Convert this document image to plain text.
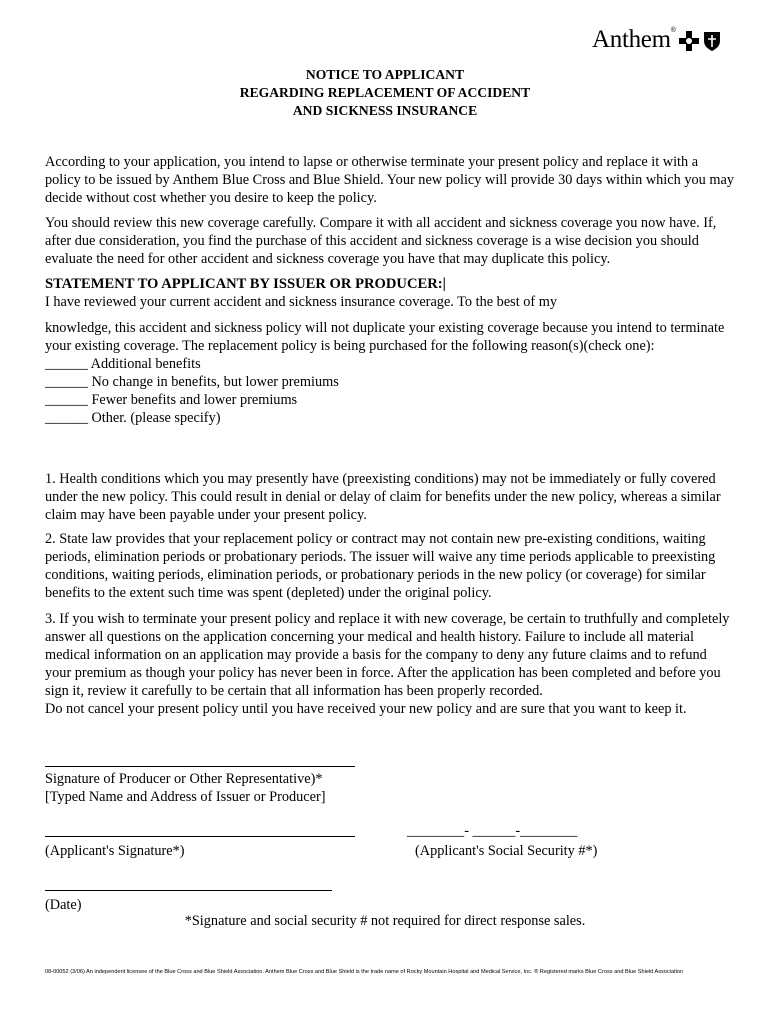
Anthem ®
NOTICE TO APPLICANT
REGARDING REPLACEMENT OF ACCIDENT
AND SICKNESS INSURANCE
According to your application, you intend to lapse or otherwise terminate your present policy and replace it with a policy to be issued by Anthem Blue Cross and Blue Shield. Your new policy will provide 30 days within which you may decide without cost whether you desire to keep the policy.
You should review this new coverage carefully. Compare it with all accident and sickness coverage you now have. If, after due consideration, you find the purchase of this accident and sickness coverage is a wise decision you should evaluate the need for other accident and sickness coverage you have that may duplicate this policy.
STATEMENT TO APPLICANT BY ISSUER OR PRODUCER:|
I have reviewed your current accident and sickness insurance coverage. To the best of my
knowledge, this accident and sickness policy will not duplicate your existing coverage because you intend to terminate your existing coverage. The replacement policy is being purchased for the following reason(s)(check one):
______ Additional benefits
______ No change in benefits, but lower premiums
______ Fewer benefits and lower premiums
______ Other. (please specify)
1. Health conditions which you may presently have (preexisting conditions) may not be immediately or fully covered under the new policy. This could result in denial or delay of claim for benefits under the new policy, whereas a similar claim may have been payable under your present policy.
2. State law provides that your replacement policy or contract may not contain new pre-existing conditions, waiting periods, elimination periods or probationary periods. The issuer will waive any time periods applicable to preexisting conditions, waiting periods, elimination periods, or probationary periods in the new policy (or coverage) for similar benefits to the extent such time was spent (depleted) under the original policy.
3. If you wish to terminate your present policy and replace it with new coverage, be certain to truthfully and completely answer all questions on the application concerning your medical and health history. Failure to include all material medical information on an application may provide a basis for the company to deny any future claims and to refund your premium as though your policy has never been in force. After the application has been completed and before you sign it, review it carefully to be certain that all information has been properly recorded.
Do not cancel your present policy until you have received your new policy and are sure that you want to keep it.
Signature of Producer or Other Representative)*
[Typed Name and Address of Issuer or Producer]
________- ______-________
(Applicant's Signature*)	(Applicant's Social Security #*)
(Date)
*Signature and social security # not required for direct response sales.
08-00052 (3/06) An independent licensee of the Blue Cross and Blue Shield Association. Anthem Blue Cross and Blue Shield is the trade name of Rocky Mountain Hospital and Medical Service, Inc. ® Registered marks Blue Cross and Blue Shield Association
